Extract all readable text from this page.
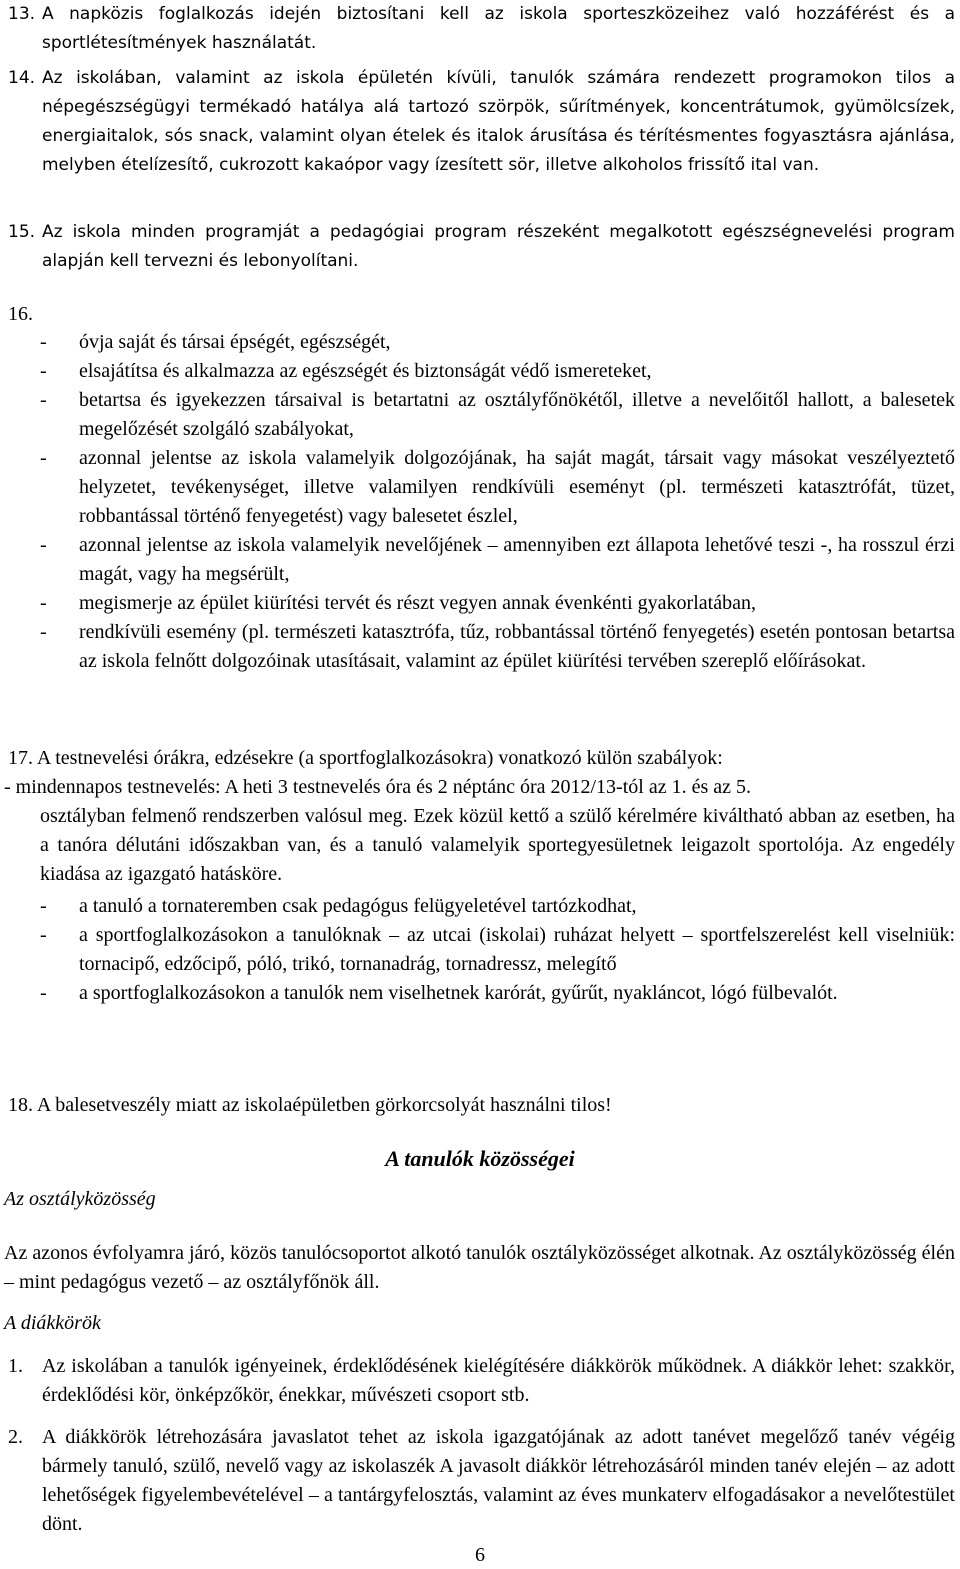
13. A napközis foglalkozás idején biztosítani kell az iskola sporteszközeihez való hozzáférést és a sportlétesítmények használatát.
14. Az iskolában, valamint az iskola épületén kívüli, tanulók számára rendezett programokon tilos a népegészségügyi termékadó hatálya alá tartozó szörpök, sűrítmények, koncentrátumok, gyümölcsízek, energiaitalok, sós snack, valamint olyan ételek és italok árusítása és térítésmentes fogyasztásra ajánlása, melyben ételízesítő, cukrozott kakaópor vagy ízesített sör, illetve alkoholos frissítő ital van.
15. Az iskola minden programját a pedagógiai program részeként megalkotott egészségnevelési program alapján kell tervezni és lebonyolítani.
16.
-	óvja saját és társai épségét, egészségét,
-	elsajátítsa és alkalmazza az egészségét és biztonságát védő ismereteket,
-	betartsa és igyekezzen társaival is betartatni az osztályfőnökétől, illetve a nevelőitől hallott, a balesetek megelőzését szolgáló szabályokat,
-	azonnal jelentse az iskola valamelyik dolgozójának, ha saját magát, társait vagy másokat veszélyeztető helyzetet, tevékenységet, illetve valamilyen rendkívüli eseményt (pl. természeti katasztrófát, tüzet, robbantással történő fenyegetést) vagy balesetet észlel,
-	azonnal jelentse az iskola valamelyik nevelőjének – amennyiben ezt állapota lehetővé teszi -, ha rosszul érzi magát, vagy ha megsérült,
-	megismerje az épület kiürítési tervét és részt vegyen annak évenkénti gyakorlatában,
-	rendkívüli esemény (pl. természeti katasztrófa, tűz, robbantással történő fenyegetés) esetén pontosan betartsa az iskola felnőtt dolgozóinak utasításait, valamint az épület kiürítési tervében szereplő előírásokat.
17. A testnevelési órákra, edzésekre (a sportfoglalkozásokra) vonatkozó külön szabályok:
- mindennapos testnevelés: A heti 3 testnevelés óra és 2 néptánc óra 2012/13-tól az 1. és az 5.
osztályban felmenő rendszerben valósul meg. Ezek közül kettő a szülő kérelmére kiváltható abban az esetben, ha a tanóra délutáni időszakban van, és a tanuló valamelyik sportegyesületnek leigazolt sportolója. Az engedély kiadása az igazgató hatásköre.
-	a tanuló a tornateremben csak pedagógus felügyeletével tartózkodhat,
-	a sportfoglalkozásokon a tanulóknak – az utcai (iskolai) ruházat helyett – sportfelszerelést kell viselniük: tornacipő, edzőcipő, póló, trikó, tornanadrág, tornadressz, melegítő
-	a sportfoglalkozásokon a tanulók nem viselhetnek karórát, gyűrűt, nyakláncot, lógó fülbevalót.
18. A balesetveszély miatt az iskolaépületben görkorcsolyát használni tilos!
A tanulók közösségei
Az osztályközösség
Az azonos évfolyamra járó, közös tanulócsoportot alkotó tanulók osztályközösséget alkotnak. Az osztályközösség élén – mint pedagógus vezető – az osztályfőnök áll.
A diákkörök
1. Az iskolában a tanulók igényeinek, érdeklődésének kielégítésére diákkörök működnek. A diákkör lehet: szakkör, érdeklődési kör, önképzőkör, énekkar, művészeti csoport stb.
2. A diákkörök létrehozására javaslatot tehet az iskola igazgatójának az adott tanévet megelőző tanév végéig bármely tanuló, szülő, nevelő vagy az iskolaszék A javasolt diákkör létrehozásáról minden tanév elején – az adott lehetőségek figyelembevételével – a tantárgyfelosztás, valamint az éves munkaterv elfogadásakor a nevelőtestület dönt.
6
